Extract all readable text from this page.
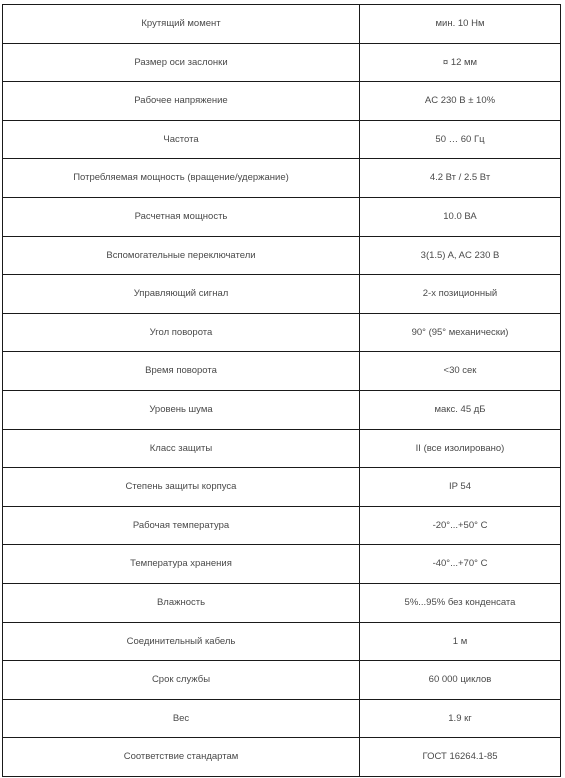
Крутящий момент	мин. 10 Нм
Размер оси заслонки	¤ 12 мм
Рабочее напряжение	AC 230 В ± 10%
Частота	50 … 60 Гц
Потребляемая мощность (вращение/удержание)	4.2 Вт / 2.5 Вт
Расчетная мощность	10.0 ВА
Вспомогательные переключатели	3(1.5) A, AC 230 В
Управляющий сигнал	2-х позиционный
Угол поворота	90° (95° механически)
Время поворота	<30 сек
Уровень шума	макс. 45 дБ
Класс защиты	II (все изолировано)
Степень защиты корпуса	IP 54
Рабочая температура	-20°...+50° С
Температура хранения	-40°...+70° С
Влажность	5%...95% без конденсата
Соединительный кабель	1 м
Срок службы	60 000 циклов
Вес	1.9 кг
Соответствие стандартам	ГОСТ 16264.1-85
